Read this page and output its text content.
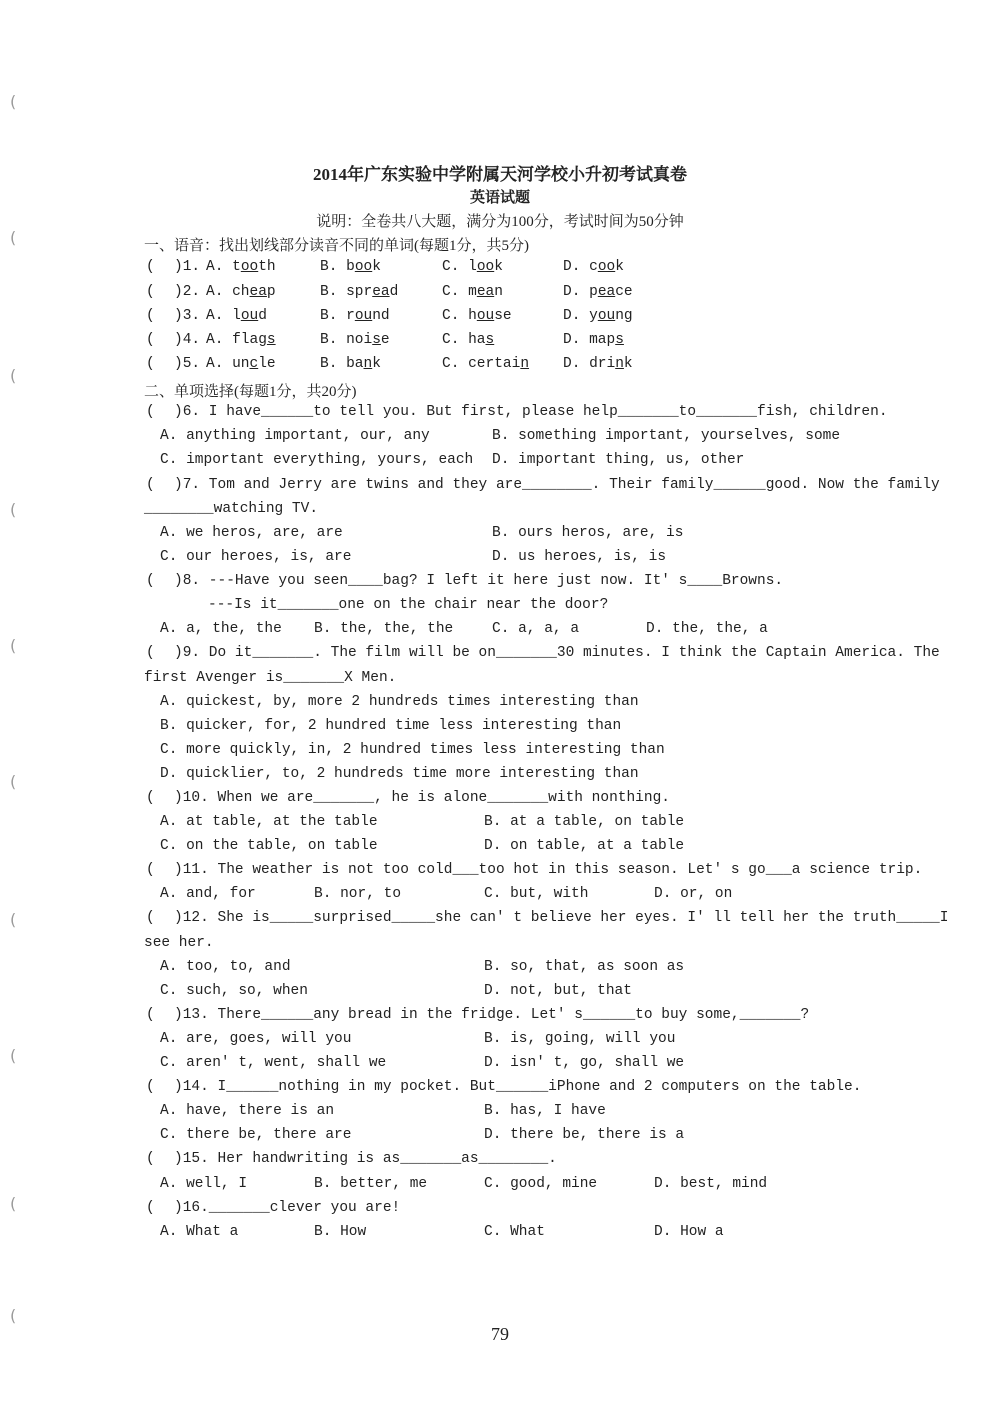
(
(
(
(
(
(
(
(
(
(
2014年广东实验中学附属天河学校小升初考试真卷
英语试题
说明：全卷共八大题，满分为100分，考试时间为50分钟
一、语音：找出划线部分读音不同的单词(每题1分，共5分)
( )1. A. tooth	B. book	C. look	D. cook
( )2. A. cheap	B. spread	C. mean	D. peace
( )3. A. loud	B. round	C. house	D. young
( )4. A. flags	B. noise	C. has	D. maps
( )5. A. uncle	B. bank	C. certain D. drink
二、单项选择(每题1分，共20分)
( )6. I have______to tell you. But first, please help_______to_______fish, children.
A. anything important, our, any	B. something important, yourselves, some
C. important everything, yours, each D. important thing, us, other
( )7. Tom and Jerry are twins and they are________. Their family______good. Now the family
________watching TV.
A. we heros, are, are	B. ours heros, are, is
C. our heroes, is, are	D. us heroes, is, is
( )8. ---Have you seen____bag? I left it here just now. It' s____Browns.
---Is it_______one on the chair near the door?
A. a, the, the B. the, the, the	C. a, a, a	D. the, the, a
( )9. Do it_______. The film will be on_______30 minutes. I think the Captain America. The
first Avenger is_______X Men.
A. quickest, by, more 2 hundreds times interesting than
B. quicker, for, 2 hundred time less interesting than
C. more quickly, in, 2 hundred times less interesting than
D. quicklier, to, 2 hundreds time more interesting than
( )10. When we are_______, he is alone_______with nonthing.
A. at table, at the table	B. at a table, on table
C. on the table, on table	D. on table, at a table
( )11. The weather is not too cold___too hot in this season. Let' s go___a science trip.
A. and, for	B. nor, to	C. but, with	D. or, on
( )12. She is_____surprised_____she can' t believe her eyes. I' ll tell her the truth_____I
see her.
A. too, to, and	B. so, that, as soon as
C. such, so, when	D. not, but, that
( )13. There______any bread in the fridge. Let' s______to buy some,_______?
A. are, goes, will you	B. is, going, will you
C. aren' t, went, shall we	D. isn' t, go, shall we
( )14. I______nothing in my pocket. But______iPhone and 2 computers on the table.
A. have, there is an	B. has, I have
C. there be, there are	D. there be, there is a
( )15. Her handwriting is as_______as________.
A. well, I	B. better, me	C. good, mine	D. best, mind
( )16._______clever you are!
A. What a	B. How	C. What	D. How a
79
